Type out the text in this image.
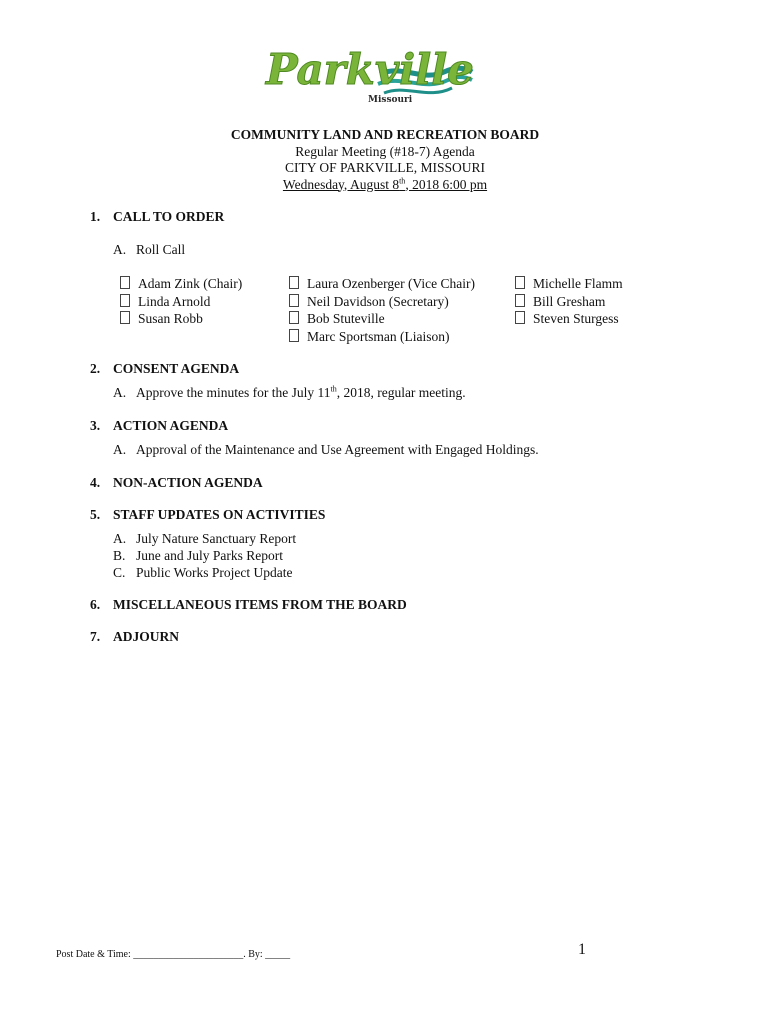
Parkville
Missouri
COMMUNITY LAND AND RECREATION BOARD
Regular Meeting (#18-7) Agenda
CITY OF PARKVILLE, MISSOURI
Wednesday, August 8th, 2018 6:00 pm
1. CALL TO ORDER
A. Roll Call
Adam Zink (Chair)
Linda Arnold
Susan Robb
Laura Ozenberger (Vice Chair)
Neil Davidson (Secretary)
Bob Stuteville
Marc Sportsman (Liaison)
Michelle Flamm
Bill Gresham
Steven Sturgess
2. CONSENT AGENDA
A. Approve the minutes for the July 11th, 2018, regular meeting.
3. ACTION AGENDA
A. Approval of the Maintenance and Use Agreement with Engaged Holdings.
4. NON-ACTION AGENDA
5. STAFF UPDATES ON ACTIVITIES
A. July Nature Sanctuary Report
B. June and July Parks Report
C. Public Works Project Update
6. MISCELLANEOUS ITEMS FROM THE BOARD
7. ADJOURN
Post Date & Time: ______________________. By: _____	1
